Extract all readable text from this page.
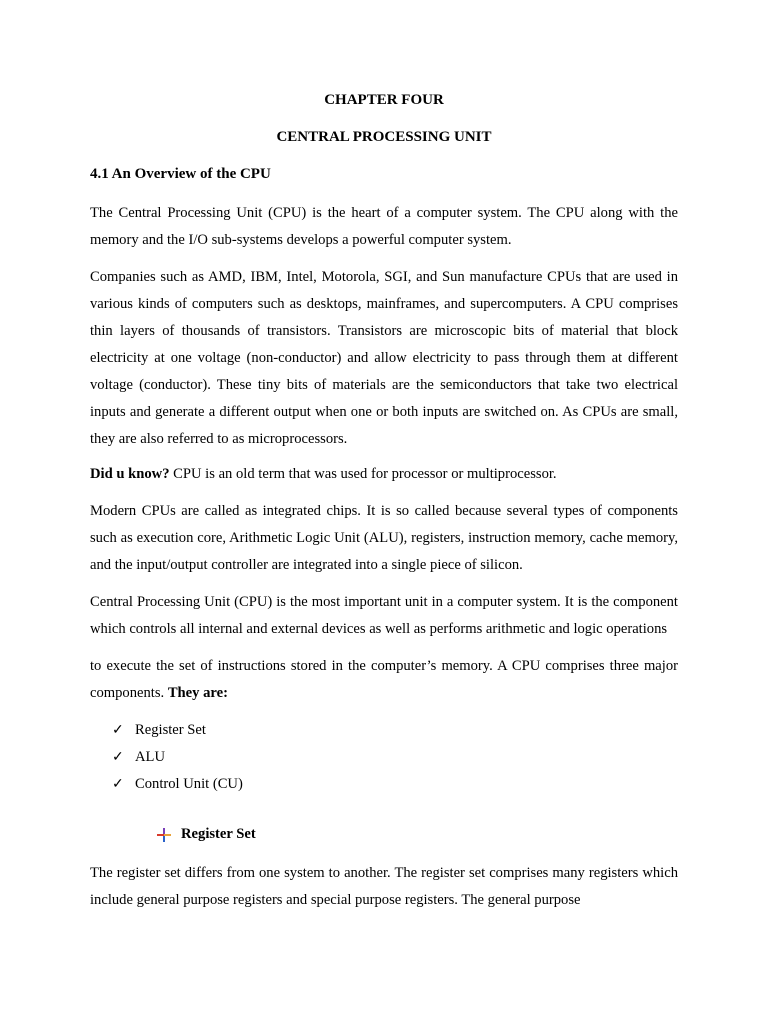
CHAPTER FOUR
CENTRAL PROCESSING UNIT
4.1 An Overview of the CPU
The Central Processing Unit (CPU) is the heart of a computer system. The CPU along with the memory and the I/O sub-systems develops a powerful computer system.
Companies such as AMD, IBM, Intel, Motorola, SGI, and Sun manufacture CPUs that are used in various kinds of computers such as desktops, mainframes, and supercomputers. A CPU comprises thin layers of thousands of transistors. Transistors are microscopic bits of material that block electricity at one voltage (non-conductor) and allow electricity to pass through them at different voltage (conductor). These tiny bits of materials are the semiconductors that take two electrical inputs and generate a different output when one or both inputs are switched on. As CPUs are small, they are also referred to as microprocessors.
Did u know? CPU is an old term that was used for processor or multiprocessor.
Modern CPUs are called as integrated chips. It is so called because several types of components such as execution core, Arithmetic Logic Unit (ALU), registers, instruction memory, cache memory, and the input/output controller are integrated into a single piece of silicon.
Central Processing Unit (CPU) is the most important unit in a computer system. It is the component which controls all internal and external devices as well as performs arithmetic and logic operations
to execute the set of instructions stored in the computer’s memory. A CPU comprises three major components. They are:
✓ Register Set
✓ ALU
✓ Control Unit (CU)
Register Set
The register set differs from one system to another. The register set comprises many registers which include general purpose registers and special purpose registers. The general purpose
